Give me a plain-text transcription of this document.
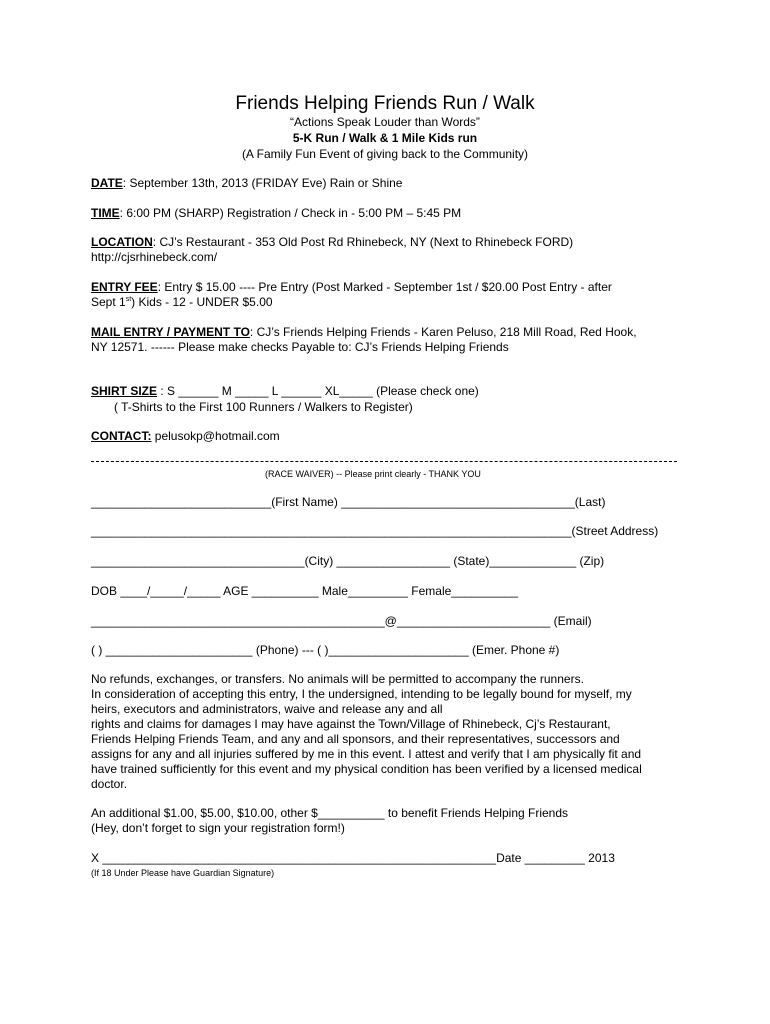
Friends Helping Friends Run / Walk
“Actions Speak Louder than Words”
5-K Run / Walk & 1 Mile Kids run
(A Family Fun Event of giving back to the Community)
DATE: September 13th, 2013 (FRIDAY Eve) Rain or Shine
TIME: 6:00 PM (SHARP) Registration / Check in - 5:00 PM – 5:45 PM
LOCATION: CJ’s Restaurant - 353 Old Post Rd Rhinebeck, NY (Next to Rhinebeck FORD)
http://cjsrhinebeck.com/
ENTRY FEE: Entry $ 15.00 ---- Pre Entry (Post Marked - September 1st / $20.00 Post Entry - after
Sept 1st) Kids - 12 - UNDER $5.00
MAIL ENTRY / PAYMENT TO: CJ’s Friends Helping Friends - Karen Peluso, 218 Mill Road, Red Hook,
NY 12571. ------ Please make checks Payable to: CJ’s Friends Helping Friends
SHIRT SIZE : S ______ M _____ L ______ XL_____ (Please check one)
( T-Shirts to the First 100 Runners / Walkers to Register)
CONTACT: pelusokp@hotmail.com
(RACE WAIVER) -- Please print clearly - THANK YOU
___________________________(First Name) ___________________________________(Last)
________________________________________________________________________(Street Address)
________________________________(City) _________________ (State)_____________ (Zip)
DOB ____/_____/_____ AGE __________ Male_________ Female__________
____________________________________________@_______________________ (Email)
( ) ______________________ (Phone) --- ( )_____________________ (Emer. Phone #)
No refunds, exchanges, or transfers. No animals will be permitted to accompany the runners.
In consideration of accepting this entry, I the undersigned, intending to be legally bound for myself, my
heirs, executors and administrators, waive and release any and all
rights and claims for damages I may have against the Town/Village of Rhinebeck, Cj’s Restaurant,
Friends Helping Friends Team, and any and all sponsors, and their representatives, successors and
assigns for any and all injuries suffered by me in this event. I attest and verify that I am physically fit and
have trained sufficiently for this event and my physical condition has been verified by a licensed medical
doctor.
An additional $1.00, $5.00, $10.00, other $__________ to benefit Friends Helping Friends
(Hey, don’t forget to sign your registration form!)
X ___________________________________________________________Date _________ 2013
(If 18 Under Please have Guardian Signature)
